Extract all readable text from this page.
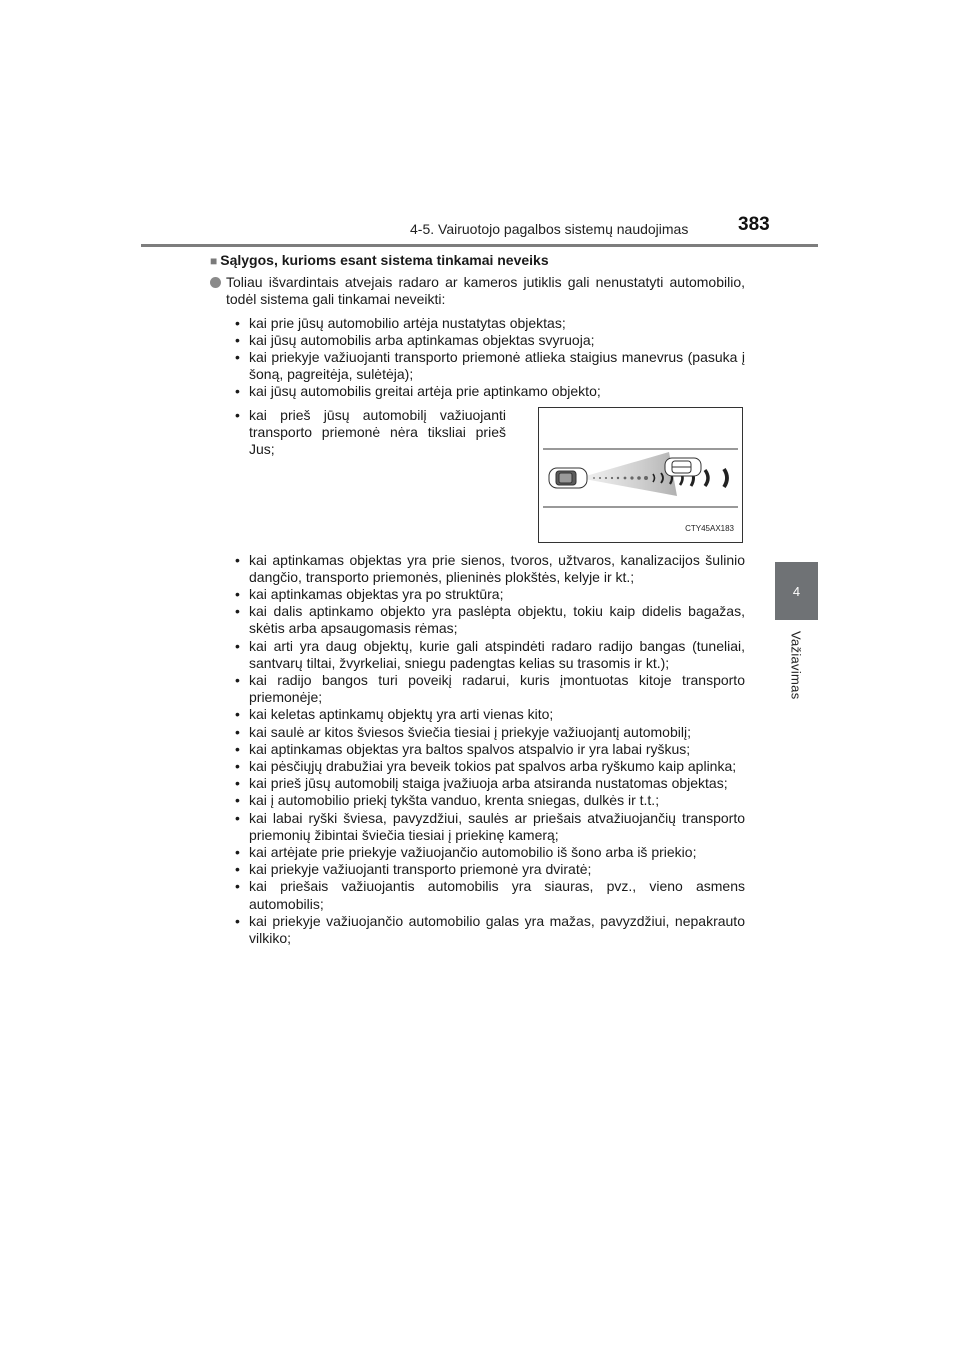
4-5. Vairuotojo pagalbos sistemų naudojimas	383
4
Važiavimas
■ Sąlygos, kurioms esant sistema tinkamai neveiks
Toliau išvardintais atvejais radaro ar kameros jutiklis gali nenustatyti automobilio, todėl sistema gali tinkamai neveikti:
• kai prie jūsų automobilio artėja nustatytas objektas;
• kai jūsų automobilis arba aptinkamas objektas svyruoja;
• kai priekyje važiuojanti transporto priemonė atlieka staigius manevrus (pasuka į šoną, pagreitėja, sulėtėja);
• kai jūsų automobilis greitai artėja prie aptinkamo objekto;
• kai prieš jūsų automobilį važiuojanti transporto priemonė nėra tiksliai prieš Jus;
CTY45AX183
• kai aptinkamas objektas yra prie sienos, tvoros, užtvaros, kanalizacijos šulinio dangčio, transporto priemonės, plieninės plokštės, kelyje ir kt.;
• kai aptinkamas objektas yra po struktūra;
• kai dalis aptinkamo objekto yra paslėpta objektu, tokiu kaip didelis bagažas, skėtis arba apsaugomasis rėmas;
• kai arti yra daug objektų, kurie gali atspindėti radaro radijo bangas (tuneliai, santvarų tiltai, žvyrkeliai, sniegu padengtas kelias su trasomis ir kt.);
• kai radijo bangos turi poveikį radarui, kuris įmontuotas kitoje transporto priemonėje;
• kai keletas aptinkamų objektų yra arti vienas kito;
• kai saulė ar kitos šviesos šviečia tiesiai į priekyje važiuojantį automobilį;
• kai aptinkamas objektas yra baltos spalvos atspalvio ir yra labai ryškus;
• kai pėsčiųjų drabužiai yra beveik tokios pat spalvos arba ryškumo kaip aplinka;
• kai prieš jūsų automobilį staiga įvažiuoja arba atsiranda nustatomas objektas;
• kai į automobilio priekį tykšta vanduo, krenta sniegas, dulkės ir t.t.;
• kai labai ryški šviesa, pavyzdžiui, saulės ar priešais atvažiuojančių transporto priemonių žibintai šviečia tiesiai į priekinę kamerą;
• kai artėjate prie priekyje važiuojančio automobilio iš šono arba iš priekio;
• kai priekyje važiuojanti transporto priemonė yra dviratė;
• kai priešais važiuojantis automobilis yra siauras, pvz., vieno asmens automobilis;
• kai priekyje važiuojančio automobilio galas yra mažas, pavyzdžiui, nepakrauto vilkiko;
